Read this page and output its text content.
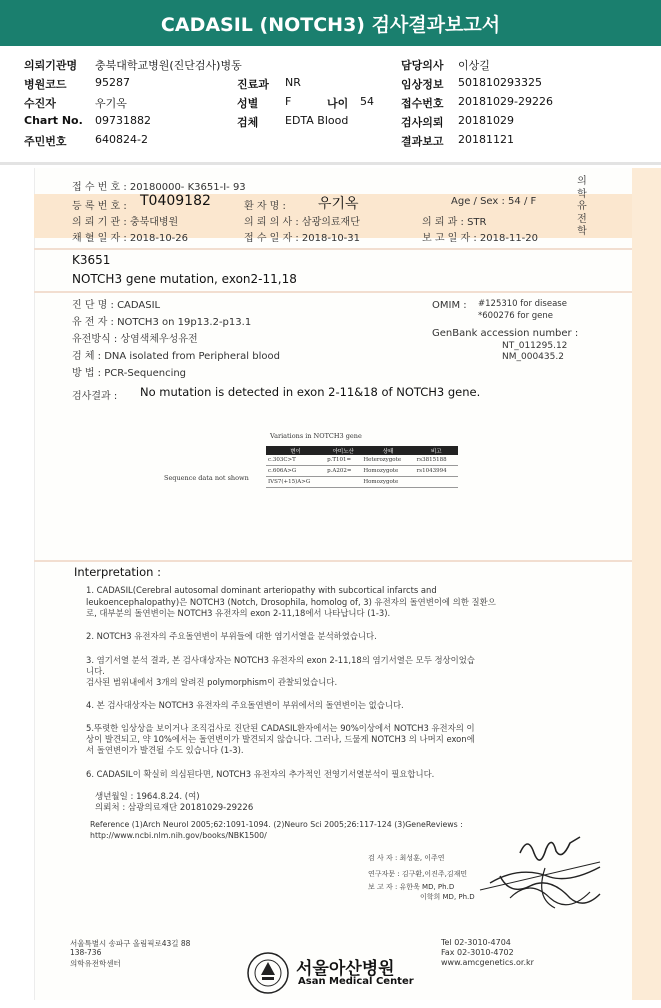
CADASIL (NOTCH3) 검사결과보고서
의뢰기관명 충북대학교병원(진단검사)병동	담당의사 이상길
병원코드	95287	진료과 NR	임상정보 501810293325
수진자	우기옥	성별 F	나이 54 접수번호 20181029-29226
Chart No. 09731882	검체 EDTA Blood	검사의뢰 20181029
주민번호	640824-2	결과보고 20181121
접 수 번 호 : 20180000- K3651-I- 93
등 록 번 호 : T0409182	환 자 명 : 우기옥	Age / Sex : 54 / F
의 뢰 기 관 : 충북대병원	의 뢰 의 사 : 삼광의료재단	의 뢰 과 : STR
채 혈 일 자 : 2018-10-26	접 수 일 자 : 2018-10-31	보 고 일 자 : 2018-11-20
의학유전학
K3651
NOTCH3 gene mutation, exon2-11,18
진 단 명 : CADASIL
유 전 자 : NOTCH3 on 19p13.2-p13.1
유전방식 : 상염색체우성유전
검 체 : DNA isolated from Peripheral blood
방 법 : PCR-Sequencing
OMIM : #125310 for disease
*600276 for gene
GenBank accession number :
NT_011295.12
NM_000435.2
검사결과 : No mutation is detected in exon 2-11&18 of NOTCH3 gene.
Variations in NOTCH3 gene
Sequence data not shown
변이	아미노산	상태	비고
c.303C>T	p.T101=	Heterozygote	rs3815188
c.606A>G	p.A202=	Homozygote	rs1043994
IVS7(+15)A>G		Homozygote	
Interpretation :
1. CADASIL(Cerebral autosomal dominant arteriopathy with subcortical infarcts and
leukoencephalopathy)은 NOTCH3 (Notch, Drosophila, homolog of, 3) 유전자의 돌연변이에 의한 질환으
로, 대부분의 돌연변이는 NOTCH3 유전자의 exon 2-11,18에서 나타납니다 (1-3).
2. NOTCH3 유전자의 주요돌연변이 부위들에 대한 염기서열을 분석하였습니다.
3. 염기서열 분석 결과, 본 검사대상자는 NOTCH3 유전자의 exon 2-11,18의 염기서열은 모두 정상이었습
니다.
검사된 범위내에서 3개의 알려진 polymorphism이 관찰되었습니다.
4. 본 검사대상자는 NOTCH3 유전자의 주요돌연변이 부위에서의 돌연변이는 없습니다.
5.뚜렷한 임상상을 보이거나 조직검사로 진단된 CADASIL환자에서는 90%이상에서 NOTCH3 유전자의 이
상이 발견되고, 약 10%에서는 돌연변이가 발견되지 않습니다. 그러나, 드물게 NOTCH3 의 나머지 exon에
서 돌연변이가 발견될 수도 있습니다 (1-3).
6. CADASIL이 확실히 의심된다면, NOTCH3 유전자의 추가적인 전영기서열분석이 필요합니다.
생년월일 : 1964.8.24. (여)
의뢰처 : 삼광의료재단 20181029-29226
Reference (1)Arch Neurol 2005;62:1091-1094. (2)Neuro Sci 2005;26:117-124 (3)GeneReviews :
http://www.ncbi.nlm.nih.gov/books/NBK1500/
검 사 자 : 최성훈, 이주연
연구자문 : 김구환,이진주,김재민
보 고 자 : 유한욱 MD, Ph.D
이학희 MD, Ph.D
서울특별시 송파구 올림픽로43길 88
138-736
의학유전학센터
Tel 02-3010-4704
Fax 02-3010-4702
www.amcgenetics.or.kr
서울아산병원
Asan Medical Center
